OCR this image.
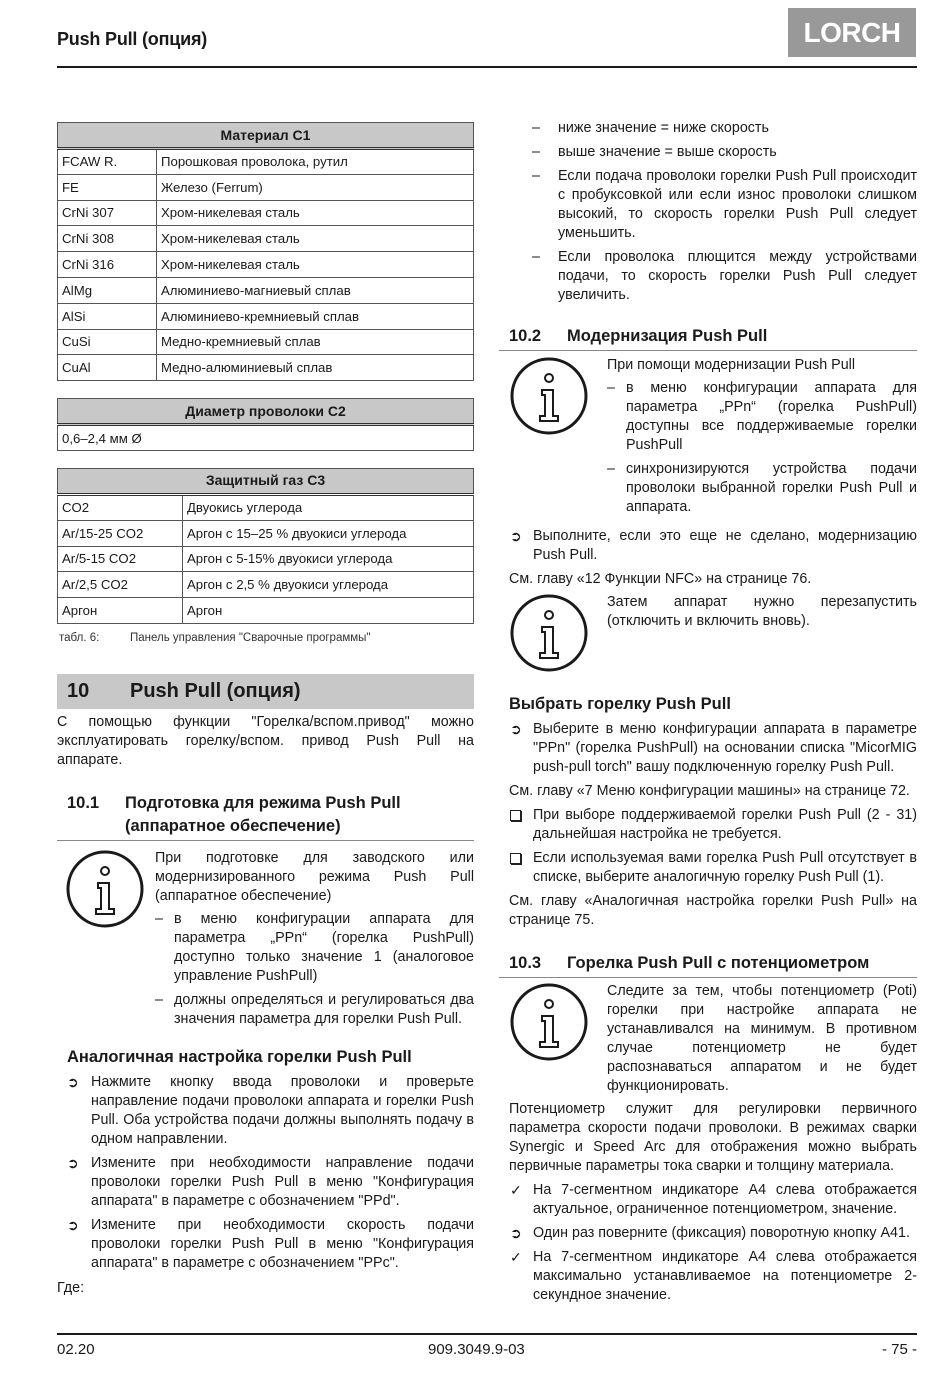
Push Pull (опция)	LORCH
Материал C1	
FCAW R.	Порошковая проволока, рутил
FE	Железо (Ferrum)
CrNi 307	Хром-никелевая сталь
CrNi 308	Хром-никелевая сталь
CrNi 316	Хром-никелевая сталь
AlMg	Алюминиево-магниевый сплав
AlSi	Алюминиево-кремниевый сплав
CuSi	Медно-кремниевый сплав
CuAl	Медно-алюминиевый сплав
Диаметр проволоки C2
0,6–2,4 мм Ø
Защитный газ C3	
CO2	Двуокись углерода
Ar/15-25 CO2	Аргон с 15–25 % двуокиси углерода
Ar/5-15 CO2	Аргон с 5-15% двуокиси углерода
Ar/2,5 CO2	Аргон с 2,5 % двуокиси углерода
Аргон	Аргон
табл. 6:	Панель управления "Сварочные программы"
10	Push Pull (опция)

С помощью функции "Горелка/вспом.привод" можно эксплуатировать горелку/вспом. привод Push Pull на аппарате.

10.1	Подготовка для режима Push Pull (аппаратное обеспечение)
При подготовке для заводского или модернизированного режима Push Pull (аппаратное обеспечение)
– в меню конфигурации аппарата для параметра „PPn“ (горелка PushPull) доступно только значение 1 (аналоговое управление PushPull)
– должны определяться и регулироваться два значения параметра для горелки Push Pull.
Аналогичная настройка горелки Push Pull
➲ Нажмите кнопку ввода проволоки и проверьте направление подачи проволоки аппарата и горелки Push Pull. Оба устройства подачи должны выполнять подачу в одном направлении.
➲ Измените при необходимости направление подачи проволоки горелки Push Pull в меню "Конфигурация аппарата" в параметре с обозначением "PPd".
➲ Измените при необходимости скорость подачи проволоки горелки Push Pull в меню "Конфигурация аппарата" в параметре с обозначением "PPc".

Где:

– ниже значение = ниже скорость
– выше значение = выше скорость
– Если подача проволоки горелки Push Pull происходит с пробуксовкой или если износ проволоки слишком высокий, то скорость горелки Push Pull следует уменьшить.
– Если проволока плющится между устройствами подачи, то скорость горелки Push Pull следует увеличить.
10.2	Модернизация Push Pull
При помощи модернизации Push Pull
– в меню конфигурации аппарата для параметра „PPn“ (горелка PushPull) доступны все поддерживаемые горелки PushPull
– синхронизируются устройства подачи проволоки выбранной горелки Push Pull и аппарата.
➲ Выполните, если это еще не сделано, модернизацию Push Pull.

См. главу «12 Функции NFC» на странице 76.

Затем аппарат нужно перезапустить (отключить и включить вновь).
Выбрать горелку Push Pull
➲ Выберите в меню конфигурации аппарата в параметре "PPn" (горелка PushPull) на основании списка "MicorMIG push-pull torch" вашу подключенную горелку Push Pull.

См. главу «7 Меню конфигурации машины» на странице 72.

При выборе поддерживаемой горелки Push Pull (2 - 31) дальнейшая настройка не требуется.
Если используемая вами горелка Push Pull отсутствует в списке, выберите аналогичную горелку Push Pull (1).

См. главу «Аналогичная настройка горелки Push Pull» на странице 75.

10.3	Горелка Push Pull с потенциометром
Следите за тем, чтобы потенциометр (Poti) горелки при настройке аппарата не устанавливался на минимум. В противном случае потенциометр не будет распознаваться аппаратом и не будет функционировать.

Потенциометр служит для регулировки первичного параметра скорости подачи проволоки. В режимах сварки Synergic и Speed Arc для отображения можно выбрать первичные параметры тока сварки и толщину материала.

✓ На 7-сегментном индикаторе A4 слева отображается актуальное, ограниченное потенциометром, значение.
➲ Один раз поверните (фиксация) поворотную кнопку A41.
✓ На 7-сегментном индикаторе A4 слева отображается максимально устанавливаемое на потенциометре 2-секундное значение.
02.20	909.3049.9-03	- 75 -
